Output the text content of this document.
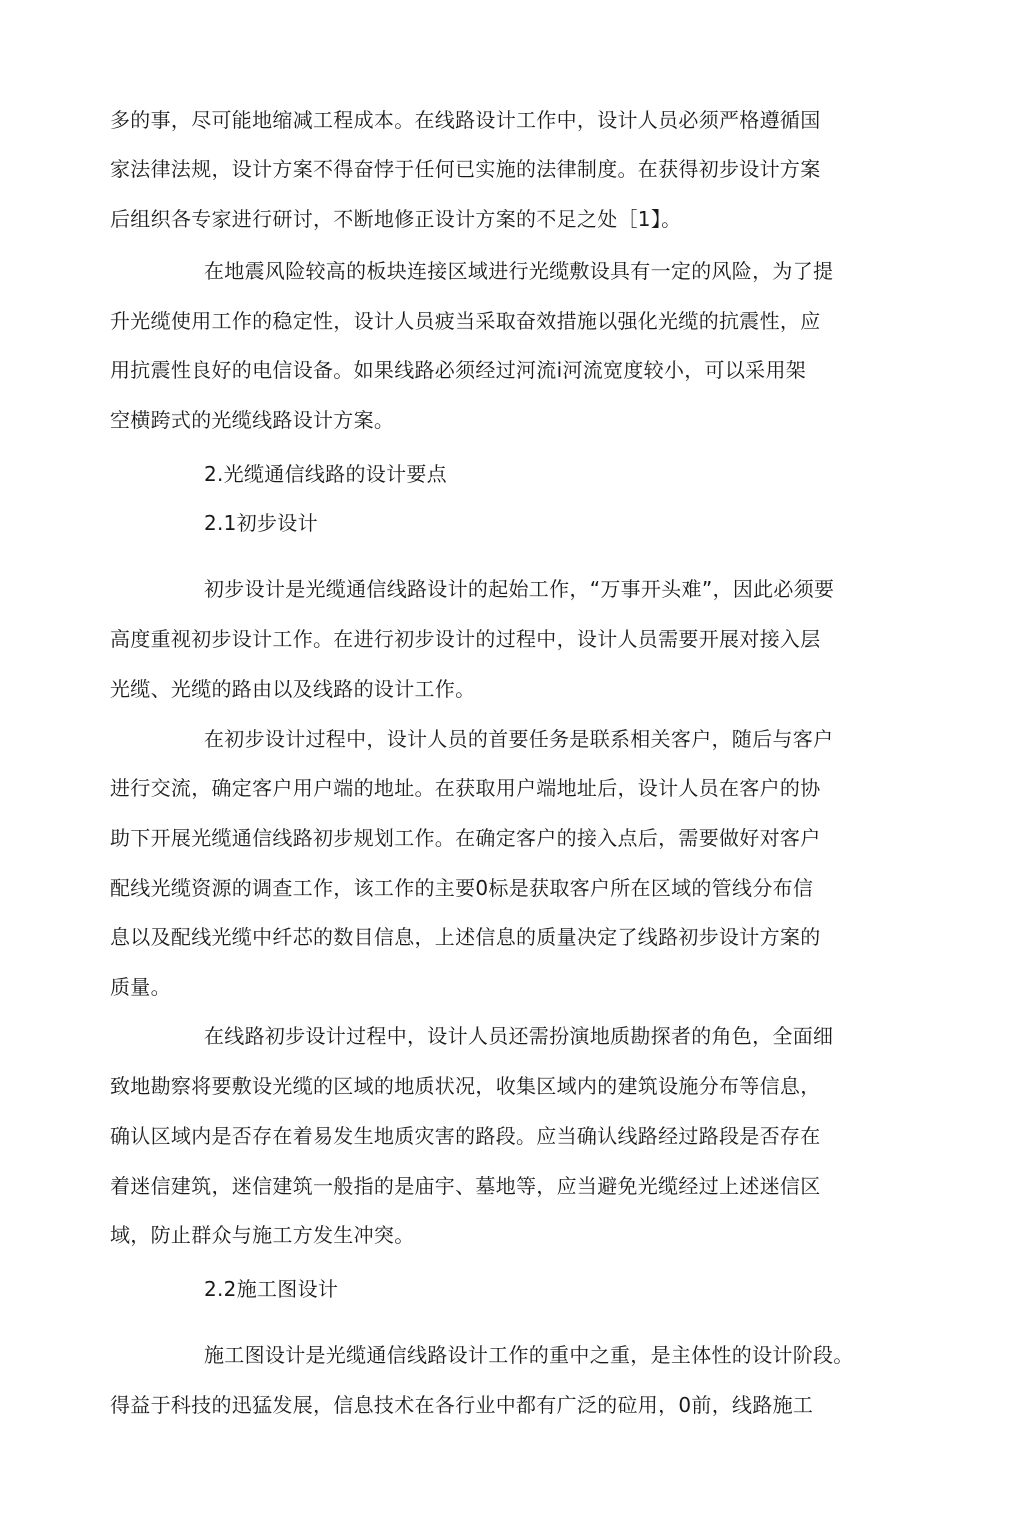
多的事，尽可能地缩减工程成本。在线路设计工作中，设计人员必须严格遵循国
家法律法规，设计方案不得奋悖于任何已实施的法律制度。在获得初步设计方案
后组织各专家进行研讨，不断地修正设计方案的不足之处［1】。
在地震风险较高的板块连接区域进行光缆敷设具有一定的风险，为了提
升光缆使用工作的稳定性，设计人员疲当采取奋效措施以强化光缆的抗震性，应
用抗震性良好的电信设备。如果线路必须经过河流i河流宽度较小，可以采用架
空横跨式的光缆线路设计方案。
2.光缆通信线路的设计要点
2.1初步设计
初步设计是光缆通信线路设计的起始工作，“万事开头难”，因此必须要
高度重视初步设计工作。在进行初步设计的过程中，设计人员需要开展对接入层
光缆、光缆的路由以及线路的设计工作。
在初步设计过程中，设计人员的首要任务是联系相关客户，随后与客户
进行交流，确定客户用户端的地址。在获取用户端地址后，设计人员在客户的协
助下开展光缆通信线路初步规划工作。在确定客户的接入点后，需要做好对客户
配线光缆资源的调查工作，该工作的主要0标是获取客户所在区域的管线分布信
息以及配线光缆中纤芯的数目信息，上述信息的质量决定了线路初步设计方案的
质量。
在线路初步设计过程中，设计人员还需扮演地质勘探者的角色，全面细
致地勘察将要敷设光缆的区域的地质状况，收集区域内的建筑设施分布等信息，
确认区域内是否存在着易发生地质灾害的路段。应当确认线路经过路段是否存在
着迷信建筑，迷信建筑一般指的是庙宇、墓地等，应当避免光缆经过上述迷信区
域，防止群众与施工方发生冲突。
2.2施工图设计
施工图设计是光缆通信线路设计工作的重中之重，是主体性的设计阶段。
得益于科技的迅猛发展，信息技术在各行业中都有广泛的砬用，0前，线路施工
